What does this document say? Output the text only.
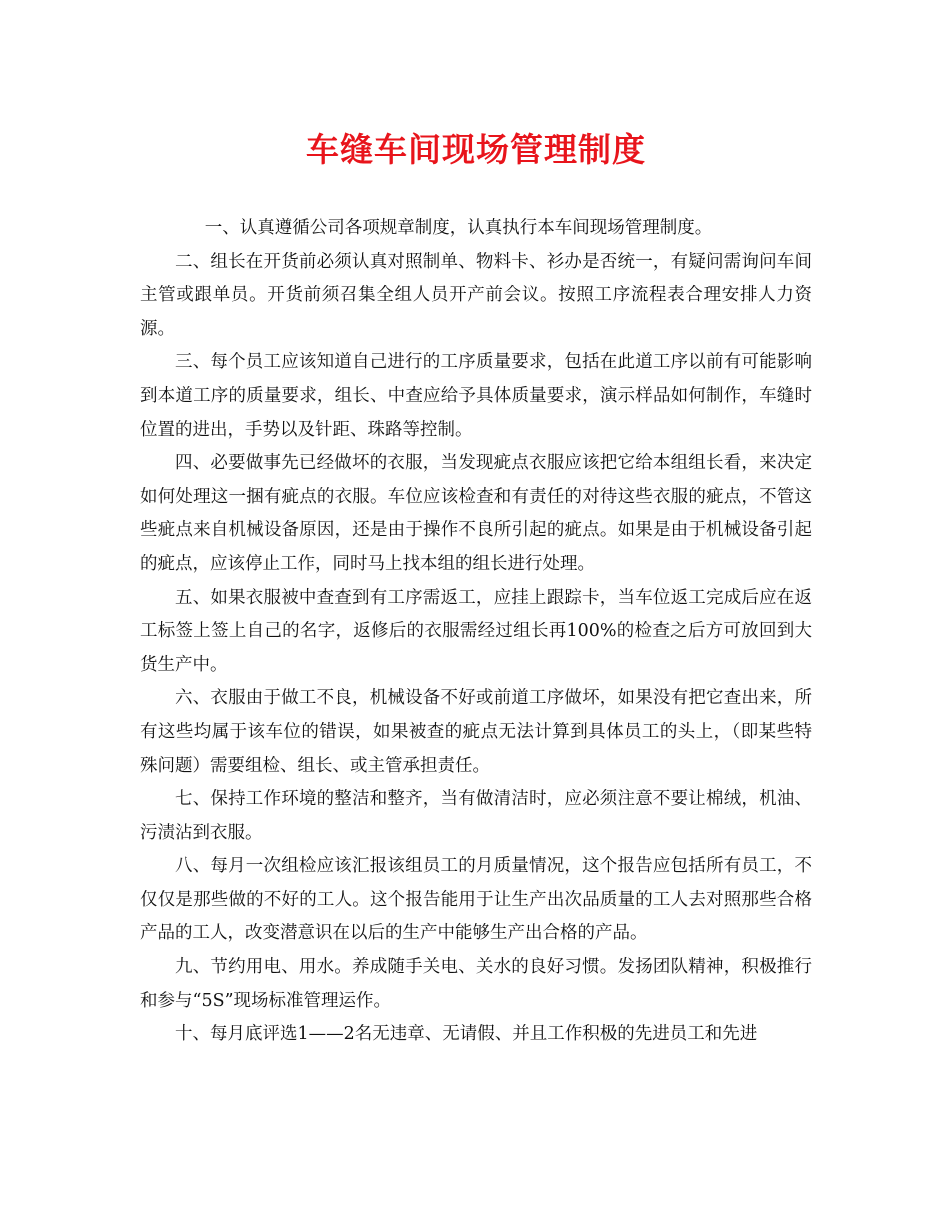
车缝车间现场管理制度

一、认真遵循公司各项规章制度，认真执行本车间现场管理制度。

二、组长在开货前必须认真对照制单、物料卡、衫办是否统一，有疑问需询问车间主管或跟单员。开货前须召集全组人员开产前会议。按照工序流程表合理安排人力资源。

三、每个员工应该知道自己进行的工序质量要求，包括在此道工序以前有可能影响到本道工序的质量要求，组长、中查应给予具体质量要求，演示样品如何制作，车缝时位置的进出，手势以及针距、珠路等控制。

四、必要做事先已经做坏的衣服，当发现疵点衣服应该把它给本组组长看，来决定如何处理这一捆有疵点的衣服。车位应该检查和有责任的对待这些衣服的疵点，不管这些疵点来自机械设备原因，还是由于操作不良所引起的疵点。如果是由于机械设备引起的疵点，应该停止工作，同时马上找本组的组长进行处理。

五、如果衣服被中查查到有工序需返工，应挂上跟踪卡，当车位返工完成后应在返工标签上签上自己的名字，返修后的衣服需经过组长再100%的检查之后方可放回到大货生产中。

六、衣服由于做工不良，机械设备不好或前道工序做坏，如果没有把它查出来，所有这些均属于该车位的错误，如果被查的疵点无法计算到具体员工的头上，（即某些特殊问题）需要组检、组长、或主管承担责任。

七、保持工作环境的整洁和整齐，当有做清洁时，应必须注意不要让棉绒，机油、污渍沾到衣服。

八、每月一次组检应该汇报该组员工的月质量情况，这个报告应包括所有员工，不仅仅是那些做的不好的工人。这个报告能用于让生产出次品质量的工人去对照那些合格产品的工人，改变潜意识在以后的生产中能够生产出合格的产品。

九、节约用电、用水。养成随手关电、关水的良好习惯。发扬团队精神，积极推行和参与“5S”现场标准管理运作。

十、每月底评选1——2名无违章、无请假、并且工作积极的先进员工和先进
